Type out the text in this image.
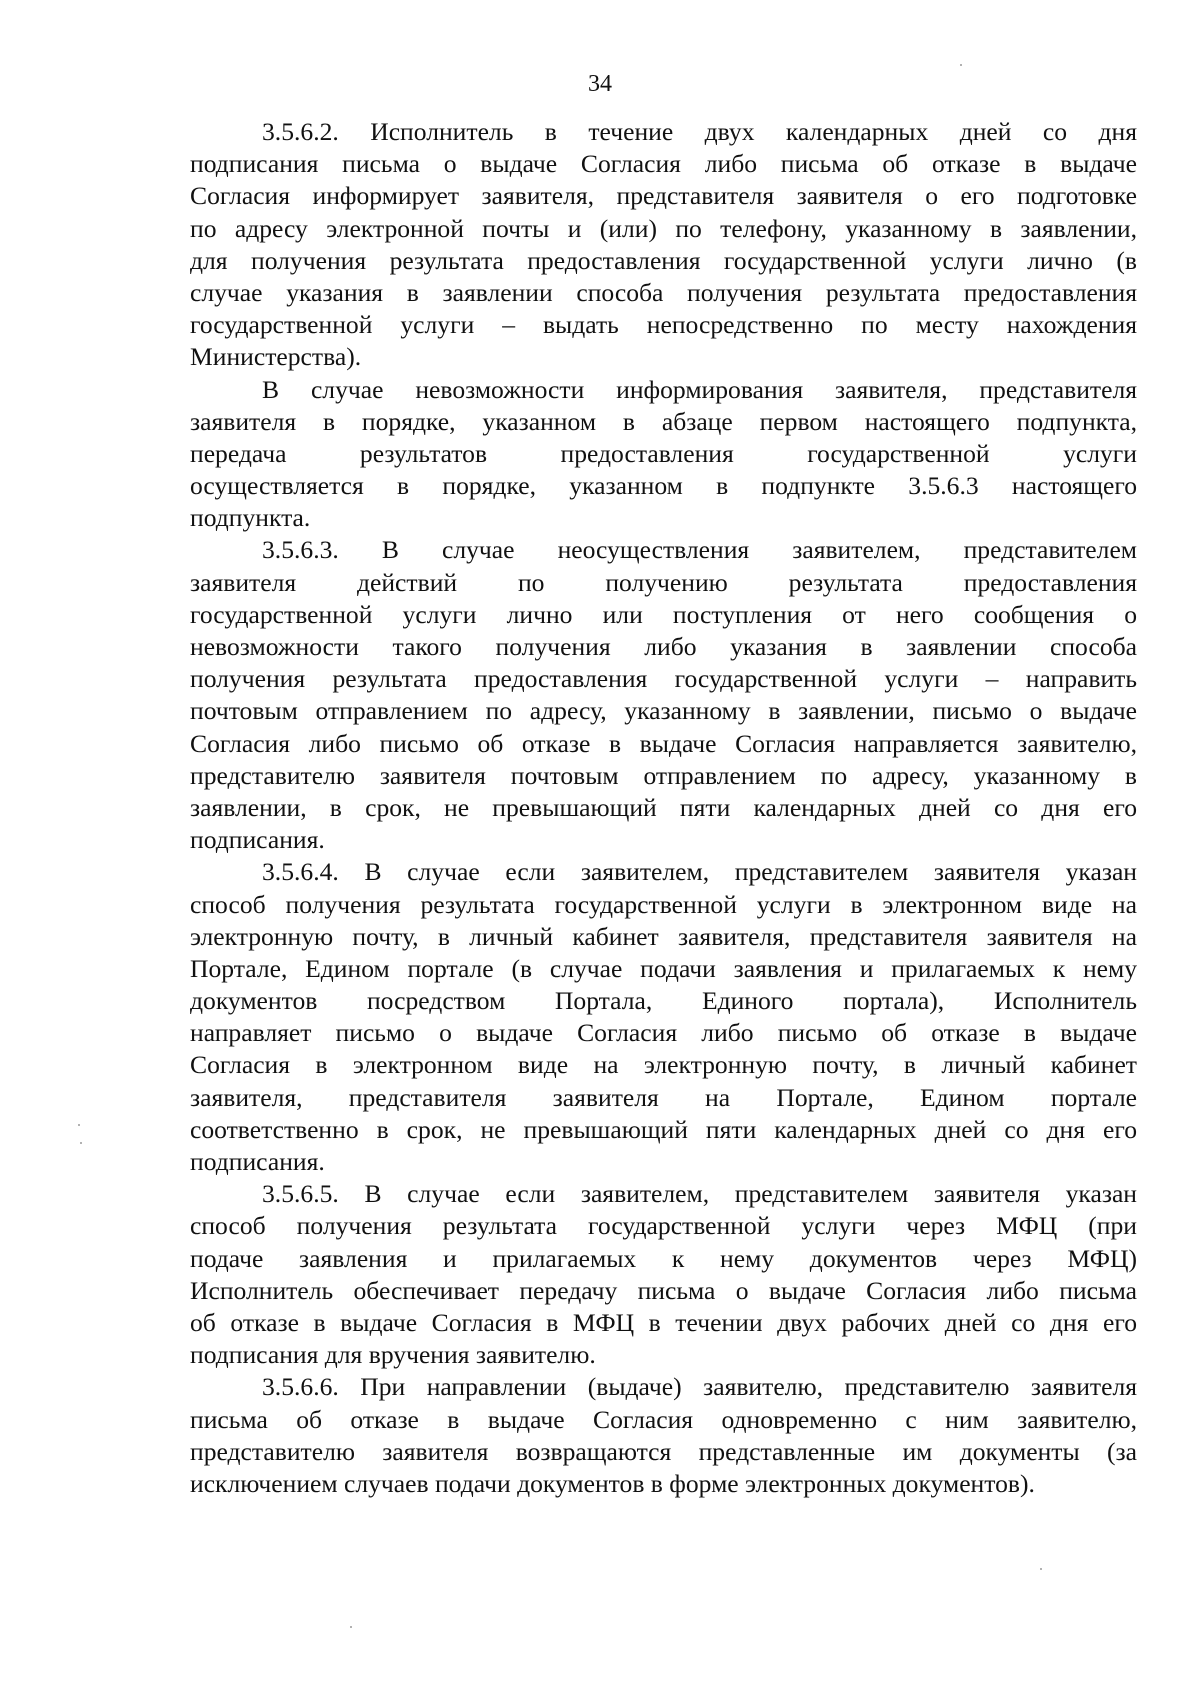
34
3.5.6.2. Исполнитель в течение двух календарных дней со дня
подписания письма о выдаче Согласия либо письма об отказе в выдаче
Согласия информирует заявителя, представителя заявителя о его подготовке
по адресу электронной почты и (или) по телефону, указанному в заявлении,
для получения результата предоставления государственной услуги лично (в
случае указания в заявлении способа получения результата предоставления
государственной услуги – выдать непосредственно по месту нахождения
Министерства).
В случае невозможности информирования заявителя, представителя
заявителя в порядке, указанном в абзаце первом настоящего подпункта,
передача результатов предоставления государственной услуги
осуществляется в порядке, указанном в подпункте 3.5.6.3 настоящего
подпункта.
3.5.6.3. В случае неосуществления заявителем, представителем
заявителя действий по получению результата предоставления
государственной услуги лично или поступления от него сообщения о
невозможности такого получения либо указания в заявлении способа
получения результата предоставления государственной услуги – направить
почтовым отправлением по адресу, указанному в заявлении, письмо о выдаче
Согласия либо письмо об отказе в выдаче Согласия направляется заявителю,
представителю заявителя почтовым отправлением по адресу, указанному в
заявлении, в срок, не превышающий пяти календарных дней со дня его
подписания.
3.5.6.4. В случае если заявителем, представителем заявителя указан
способ получения результата государственной услуги в электронном виде на
электронную почту, в личный кабинет заявителя, представителя заявителя на
Портале, Едином портале (в случае подачи заявления и прилагаемых к нему
документов посредством Портала, Единого портала), Исполнитель
направляет письмо о выдаче Согласия либо письмо об отказе в выдаче
Согласия в электронном виде на электронную почту, в личный кабинет
заявителя, представителя заявителя на Портале, Едином портале
соответственно в срок, не превышающий пяти календарных дней со дня его
подписания.
3.5.6.5. В случае если заявителем, представителем заявителя указан
способ получения результата государственной услуги через МФЦ (при
подаче заявления и прилагаемых к нему документов через МФЦ)
Исполнитель обеспечивает передачу письма о выдаче Согласия либо письма
об отказе в выдаче Согласия в МФЦ в течении двух рабочих дней со дня его
подписания для вручения заявителю.
3.5.6.6. При направлении (выдаче) заявителю, представителю заявителя
письма об отказе в выдаче Согласия одновременно с ним заявителю,
представителю заявителя возвращаются представленные им документы (за
исключением случаев подачи документов в форме электронных документов).
